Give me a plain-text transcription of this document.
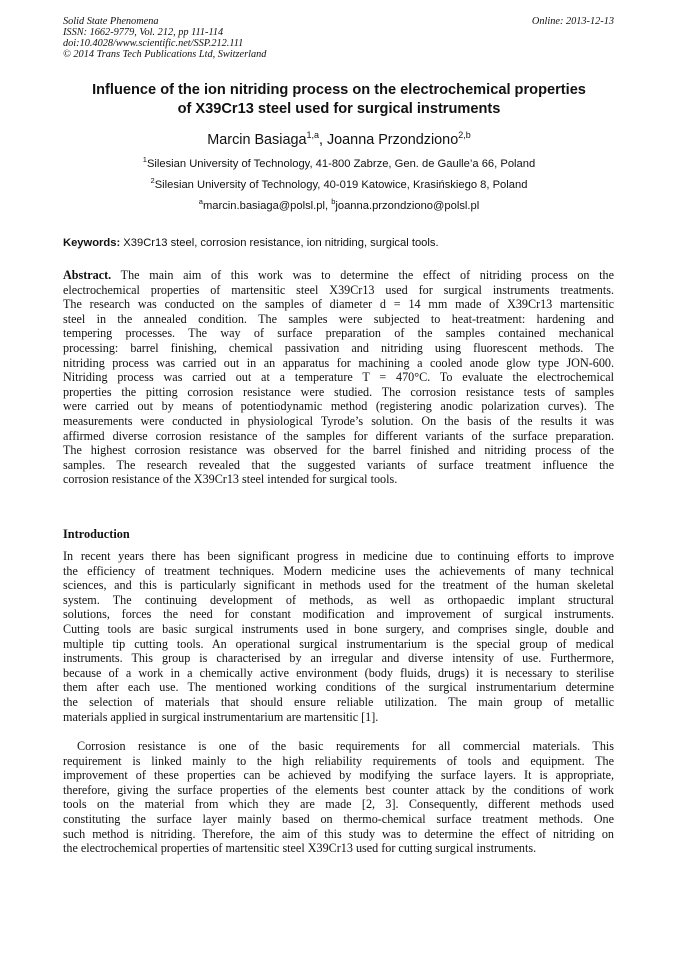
Solid State Phenomena
ISSN: 1662-9779, Vol. 212, pp 111-114
doi:10.4028/www.scientific.net/SSP.212.111
© 2014 Trans Tech Publications Ltd, Switzerland
Online: 2013-12-13
Influence of the ion nitriding process on the electrochemical properties
of X39Cr13 steel used for surgical instruments
Marcin Basiaga$^{1,a}$, Joanna Przondziono$^{2,b}$
$^1$Silesian University of Technology, 41-800 Zabrze, Gen. de Gaulle’a 66, Poland
$^2$Silesian University of Technology, 40-019 Katowice, Krasińskiego 8, Poland
$^a$marcin.basiaga@polsl.pl, $^b$joanna.przondziono@polsl.pl
Keywords: X39Cr13 steel, corrosion resistance, ion nitriding, surgical tools.
Abstract. The main aim of this work was to determine the effect of nitriding process on the
electrochemical properties of martensitic steel X39Cr13 used for surgical instruments treatments.
The research was conducted on the samples of diameter d = 14 mm made of X39Cr13 martensitic
steel in the annealed condition. The samples were subjected to heat-treatment: hardening and
tempering processes. The way of surface preparation of the samples contained mechanical
processing: barrel finishing, chemical passivation and nitriding using fluorescent methods. The
nitriding process was carried out in an apparatus for machining a cooled anode glow type JON-600.
Nitriding process was carried out at a temperature T = 470°C. To evaluate the electrochemical
properties the pitting corrosion resistance were studied. The corrosion resistance tests of samples
were carried out by means of potentiodynamic method (registering anodic polarization curves). The
measurements were conducted in physiological Tyrode’s solution. On the basis of the results it was
affirmed diverse corrosion resistance of the samples for different variants of the surface preparation.
The highest corrosion resistance was observed for the barrel finished and nitriding process of the
samples. The research revealed that the suggested variants of surface treatment influence the
corrosion resistance of the X39Cr13 steel intended for surgical tools.
Introduction
In recent years there has been significant progress in medicine due to continuing efforts to improve
the efficiency of treatment techniques. Modern medicine uses the achievements of many technical
sciences, and this is particularly significant in methods used for the treatment of the human skeletal
system. The continuing development of methods, as well as orthopaedic implant structural
solutions, forces the need for constant modification and improvement of surgical instruments.
Cutting tools are basic surgical instruments used in bone surgery, and comprises single, double and
multiple tip cutting tools. An operational surgical instrumentarium is the special group of medical
instruments. This group is characterised by an irregular and diverse intensity of use. Furthermore,
because of a work in a chemically active environment (body fluids, drugs) it is necessary to sterilise
them after each use. The mentioned working conditions of the surgical instrumentarium determine
the selection of materials that should ensure reliable utilization. The main group of metallic
materials applied in surgical instrumentarium are martensitic [1].
Corrosion resistance is one of the basic requirements for all commercial materials. This
requirement is linked mainly to the high reliability requirements of tools and equipment. The
improvement of these properties can be achieved by modifying the surface layers. It is appropriate,
therefore, giving the surface properties of the elements best counter attack by the conditions of work
tools on the material from which they are made [2, 3]. Consequently, different methods used
constituting the surface layer mainly based on thermo-chemical surface treatment methods. One
such method is nitriding. Therefore, the aim of this study was to determine the effect of nitriding on
the electrochemical properties of martensitic steel X39Cr13 used for cutting surgical instruments.
